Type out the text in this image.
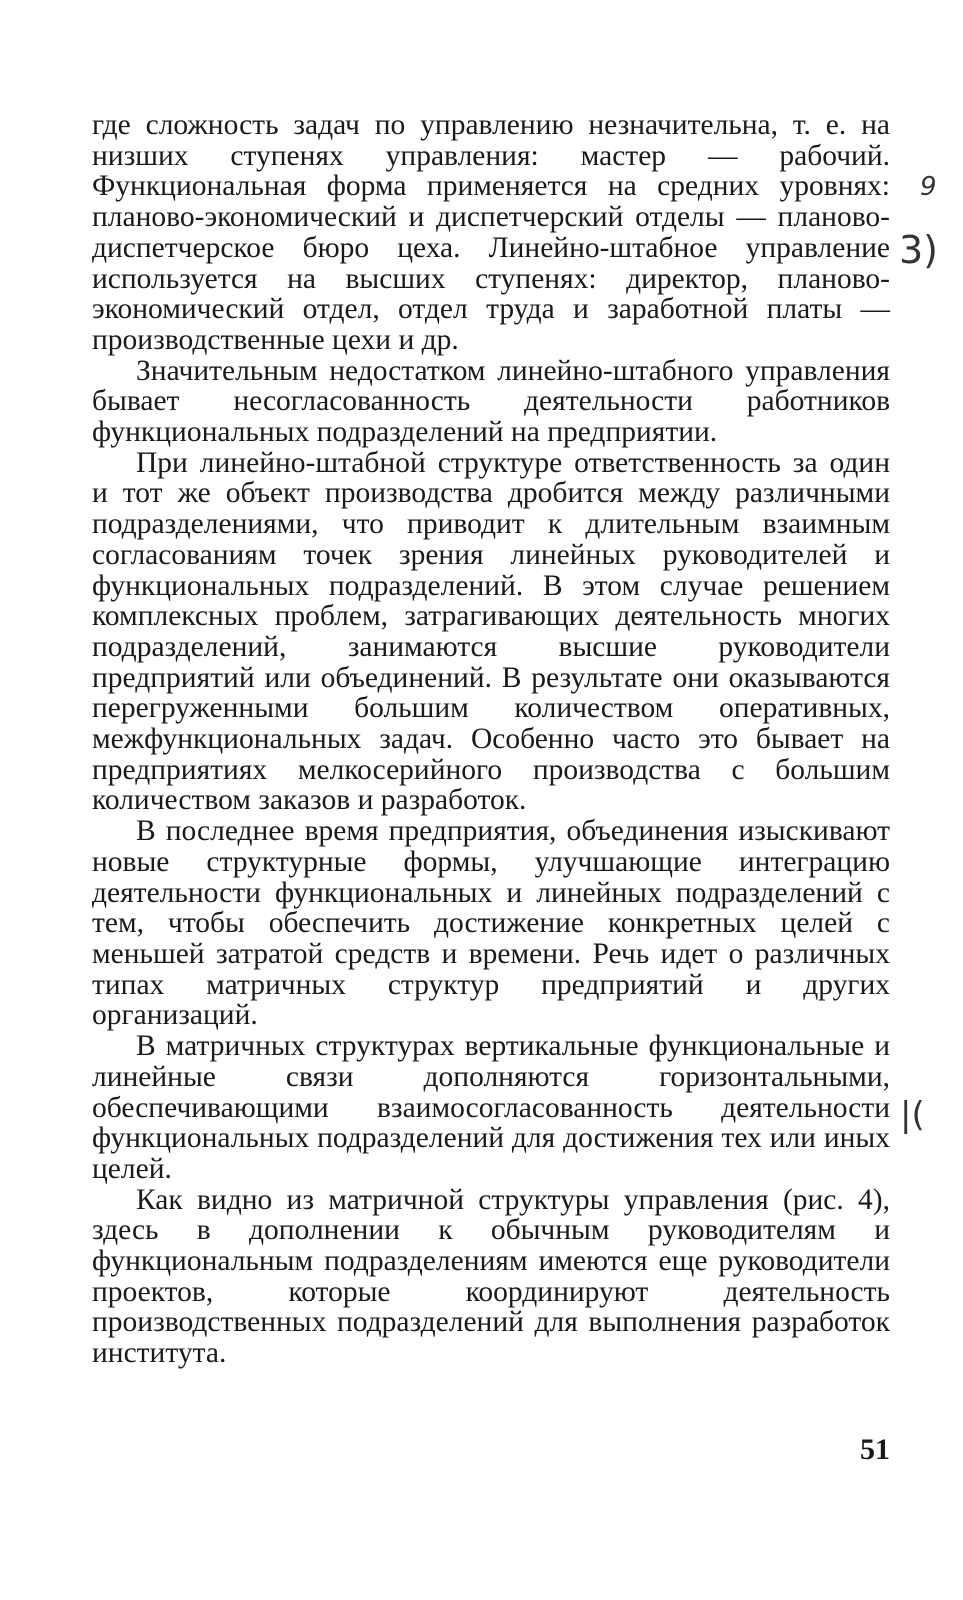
где сложность задач по управлению незначительна, т. е. на низших ступенях управления: мастер — рабочий. Функциональная форма применяется на средних уровнях: планово-экономический и диспетчерский отделы — планово-диспетчерское бюро цеха. Линейно-штабное управление используется на высших ступенях: директор, планово-экономический отдел, отдел труда и заработной платы — производственные цехи и др.

Значительным недостатком линейно-штабного управления бывает несогласованность деятельности работников функциональных подразделений на предприятии.

При линейно-штабной структуре ответственность за один и тот же объект производства дробится между различными подразделениями, что приводит к длительным взаимным согласованиям точек зрения линейных руководителей и функциональных подразделений. В этом случае решением комплексных проблем, затрагивающих деятельность многих подразделений, занимаются высшие руководители предприятий или объединений. В результате они оказываются перегруженными большим количеством оперативных, межфункциональных задач. Особенно часто это бывает на предприятиях мелкосерийного производства с большим количеством заказов и разработок.

В последнее время предприятия, объединения изыскивают новые структурные формы, улучшающие интеграцию деятельности функциональных и линейных подразделений с тем, чтобы обеспечить достижение конкретных целей с меньшей затратой средств и времени. Речь идет о различных типах матричных структур предприятий и других организаций.

В матричных структурах вертикальные функциональные и линейные связи дополняются горизонтальными, обеспечивающими взаимосогласованность деятельности функциональных подразделений для достижения тех или иных целей.

Как видно из матричной структуры управления (рис. 4), здесь в дополнении к обычным руководителям и функциональным подразделениям имеются еще руководители проектов, которые координируют деятельность производственных подразделений для выполнения разработок института.

9
3)
|(
51
